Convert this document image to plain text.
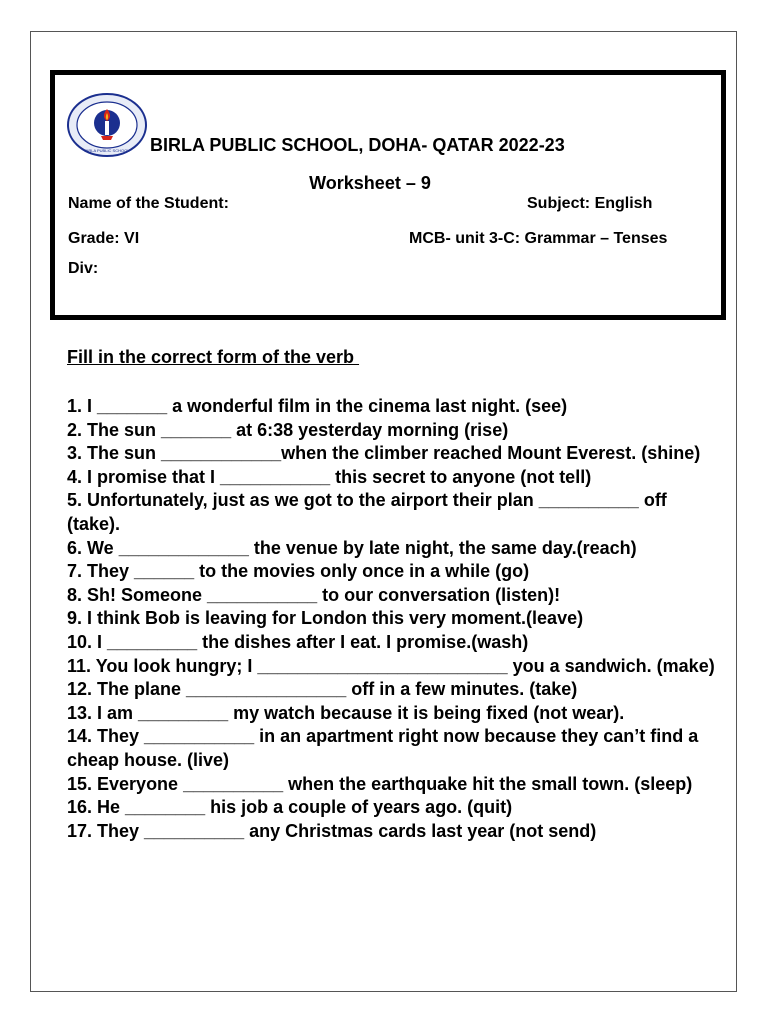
BIRLA PUBLIC SCHOOL BIRLA PUBLIC SCHOOL, DOHA- QATAR 2022-23
Worksheet – 9
Name of the Student:	Subject: English
Grade: VI	MCB- unit 3-C: Grammar – Tenses
Div:
Fill in the correct form of the verb
1. I _______ a wonderful film in the cinema last night. (see)
2. The sun _______ at 6:38 yesterday morning (rise)
3. The sun ____________when the climber reached Mount Everest. (shine)
4. I promise that I ___________ this secret to anyone (not tell)
5. Unfortunately, just as we got to the airport their plan __________ off (take).
6. We _____________ the venue by late night, the same day.(reach)
7. They ______ to the movies only once in a while (go)
8. Sh! Someone ___________ to our conversation (listen)!
9. I think Bob is leaving for London this very moment.(leave)
10. I _________ the dishes after I eat. I promise.(wash)
11. You look hungry; I _________________________ you a sandwich. (make)
12. The plane ________________ off in a few minutes. (take)
13. I am _________ my watch because it is being fixed (not wear).
14. They ___________ in an apartment right now because they can’t find a cheap house. (live)
15. Everyone __________ when the earthquake hit the small town. (sleep)
16. He ________ his job a couple of years ago. (quit)
17. They __________ any Christmas cards last year (not send)
